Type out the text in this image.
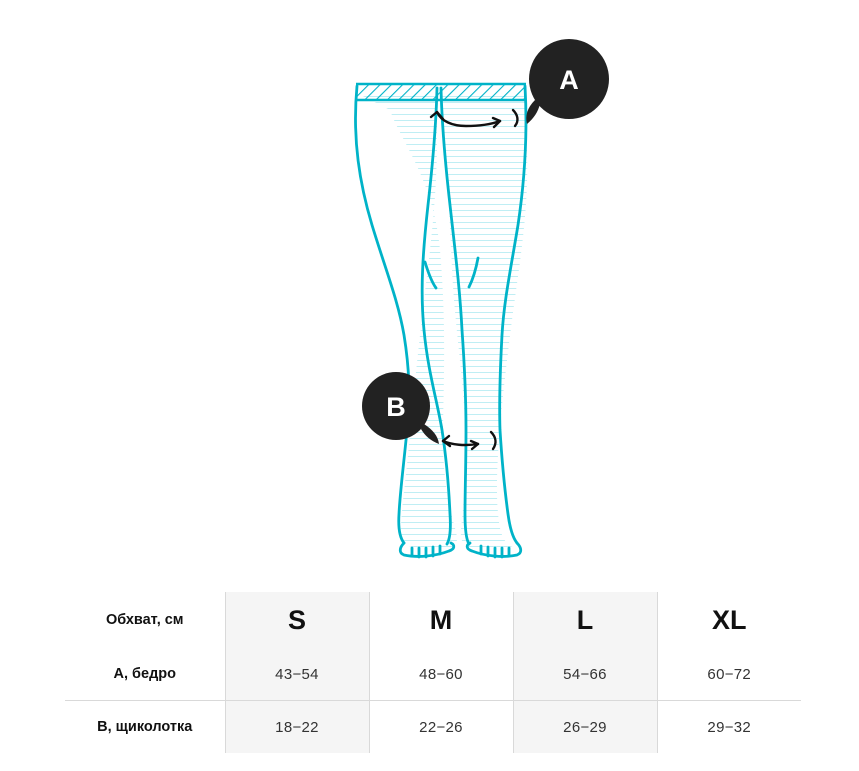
A
B
Обхват, см	S	M	L	XL
A, бедро	43−54	48−60	54−66	60−72
B, щиколотка	18−22	22−26	26−29	29−32
